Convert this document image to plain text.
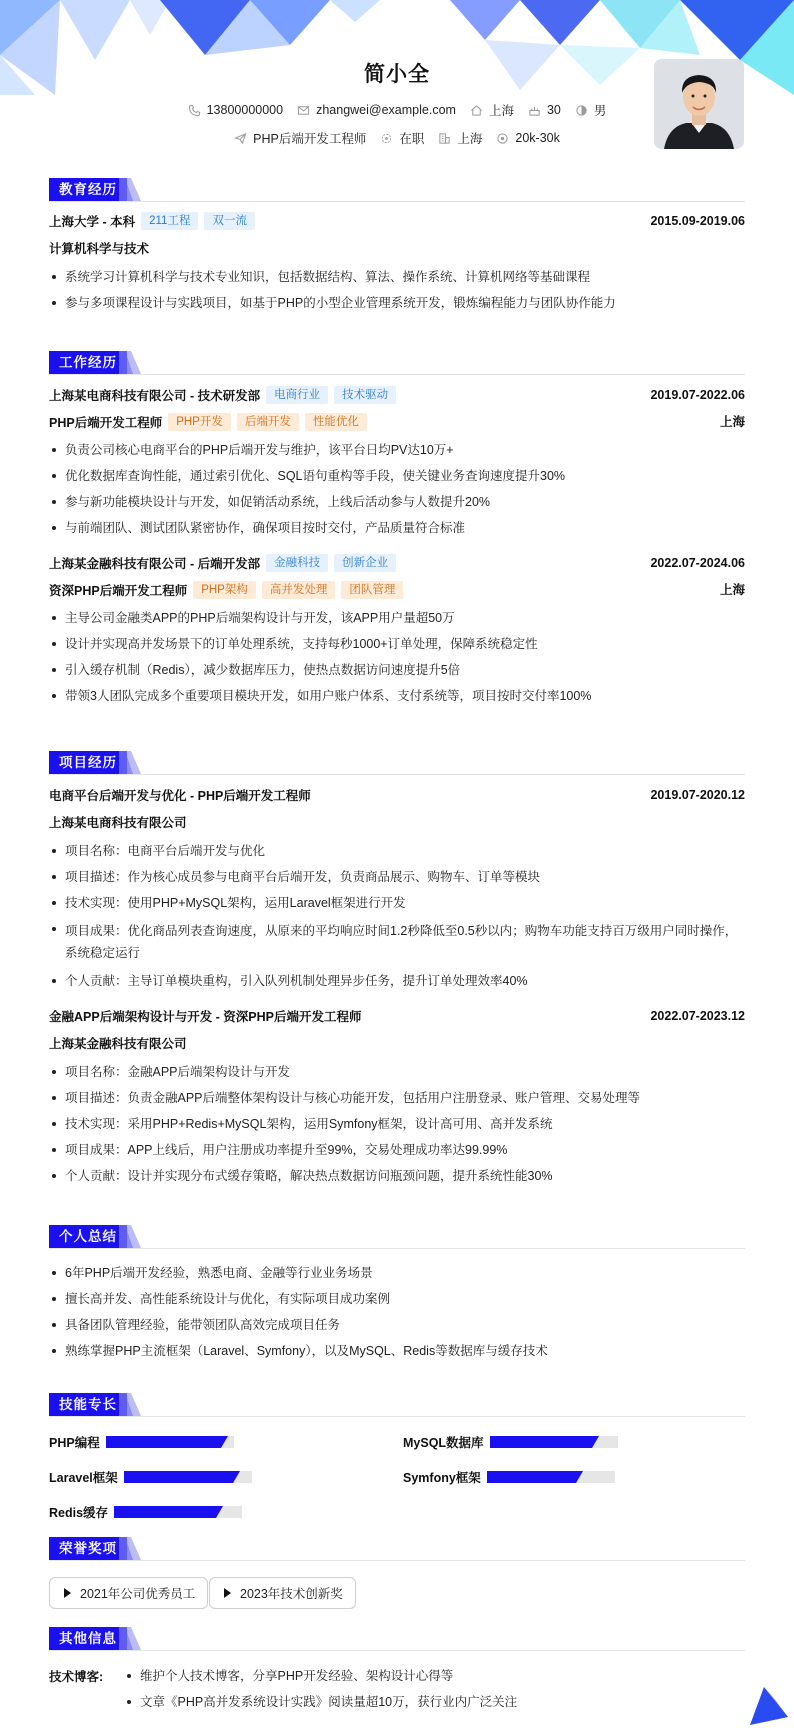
简小全
13800000000	zhangwei@example.com	上海	30	男
PHP后端开发工程师	在职	上海	20k-30k
教育经历
上海大学 - 本科	211工程	双一流	2015.09-2019.06
计算机科学与技术
系统学习计算机科学与技术专业知识，包括数据结构、算法、操作系统、计算机网络等基础课程
参与多项课程设计与实践项目，如基于PHP的小型企业管理系统开发，锻炼编程能力与团队协作能力
工作经历
上海某电商科技有限公司 - 技术研发部	电商行业	技术驱动	2019.07-2022.06
PHP后端开发工程师	PHP开发	后端开发	性能优化	上海
负责公司核心电商平台的PHP后端开发与维护，该平台日均PV达10万+
优化数据库查询性能，通过索引优化、SQL语句重构等手段，使关键业务查询速度提升30%
参与新功能模块设计与开发，如促销活动系统，上线后活动参与人数提升20%
与前端团队、测试团队紧密协作，确保项目按时交付，产品质量符合标准
上海某金融科技有限公司 - 后端开发部	金融科技	创新企业	2022.07-2024.06
资深PHP后端开发工程师	PHP架构	高并发处理	团队管理	上海
主导公司金融类APP的PHP后端架构设计与开发，该APP用户量超50万
设计并实现高并发场景下的订单处理系统，支持每秒1000+订单处理，保障系统稳定性
引入缓存机制（Redis），减少数据库压力，使热点数据访问速度提升5倍
带领3人团队完成多个重要项目模块开发，如用户账户体系、支付系统等，项目按时交付率100%
项目经历
电商平台后端开发与优化 - PHP后端开发工程师	2019.07-2020.12
上海某电商科技有限公司
项目名称：电商平台后端开发与优化
项目描述：作为核心成员参与电商平台后端开发，负责商品展示、购物车、订单等模块
技术实现：使用PHP+MySQL架构，运用Laravel框架进行开发
项目成果：优化商品列表查询速度，从原来的平均响应时间1.2秒降低至0.5秒以内；购物车功能支持百万级用户同时操作，系统稳定运行
个人贡献：主导订单模块重构，引入队列机制处理异步任务，提升订单处理效率40%
金融APP后端架构设计与开发 - 资深PHP后端开发工程师	2022.07-2023.12
上海某金融科技有限公司
项目名称：金融APP后端架构设计与开发
项目描述：负责金融APP后端整体架构设计与核心功能开发，包括用户注册登录、账户管理、交易处理等
技术实现：采用PHP+Redis+MySQL架构，运用Symfony框架，设计高可用、高并发系统
项目成果：APP上线后，用户注册成功率提升至99%，交易处理成功率达99.99%
个人贡献：设计并实现分布式缓存策略，解决热点数据访问瓶颈问题，提升系统性能30%
个人总结
6年PHP后端开发经验，熟悉电商、金融等行业业务场景
擅长高并发、高性能系统设计与优化，有实际项目成功案例
具备团队管理经验，能带领团队高效完成项目任务
熟练掌握PHP主流框架（Laravel、Symfony），以及MySQL、Redis等数据库与缓存技术
技能专长
PHP编程	MySQL数据库
Laravel框架	Symfony框架
Redis缓存
荣誉奖项
2021年公司优秀员工	2023年技术创新奖
其他信息
技术博客:	维护个人技术博客，分享PHP开发经验、架构设计心得等
文章《PHP高并发系统设计实践》阅读量超10万，获行业内广泛关注
